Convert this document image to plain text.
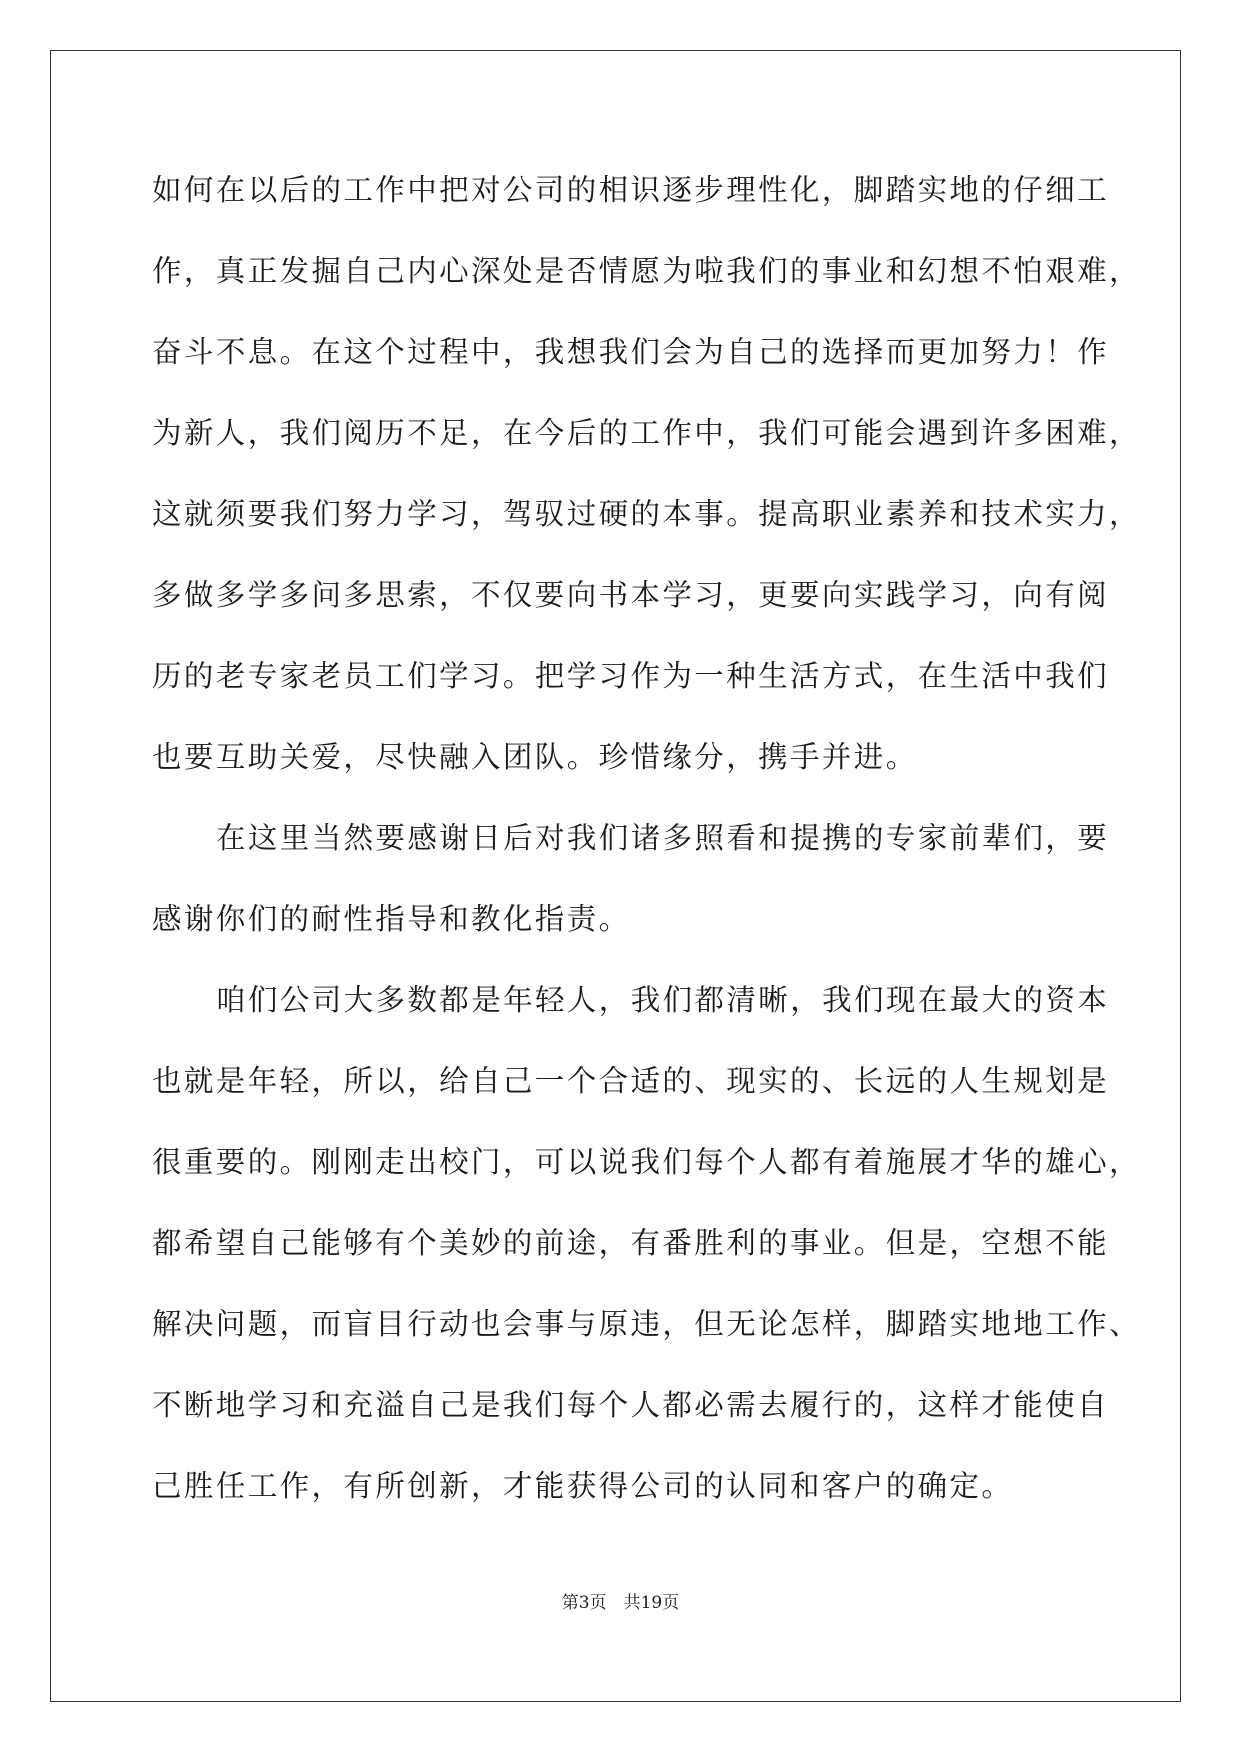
如何在以后的工作中把对公司的相识逐步理性化，脚踏实地的仔细工
作，真正发掘自己内心深处是否情愿为啦我们的事业和幻想不怕艰难，
奋斗不息。在这个过程中，我想我们会为自己的选择而更加努力！作
为新人，我们阅历不足，在今后的工作中，我们可能会遇到许多困难，
这就须要我们努力学习，驾驭过硬的本事。提高职业素养和技术实力，
多做多学多问多思索，不仅要向书本学习，更要向实践学习，向有阅
历的老专家老员工们学习。把学习作为一种生活方式，在生活中我们
也要互助关爱，尽快融入团队。珍惜缘分，携手并进。
在这里当然要感谢日后对我们诸多照看和提携的专家前辈们，要
感谢你们的耐性指导和教化指责。
咱们公司大多数都是年轻人，我们都清晰，我们现在最大的资本
也就是年轻，所以，给自己一个合适的、现实的、长远的人生规划是
很重要的。刚刚走出校门，可以说我们每个人都有着施展才华的雄心，
都希望自己能够有个美妙的前途，有番胜利的事业。但是，空想不能
解决问题，而盲目行动也会事与原违，但无论怎样，脚踏实地地工作、
不断地学习和充溢自己是我们每个人都必需去履行的，这样才能使自
己胜任工作，有所创新，才能获得公司的认同和客户的确定。
第3页　共19页
